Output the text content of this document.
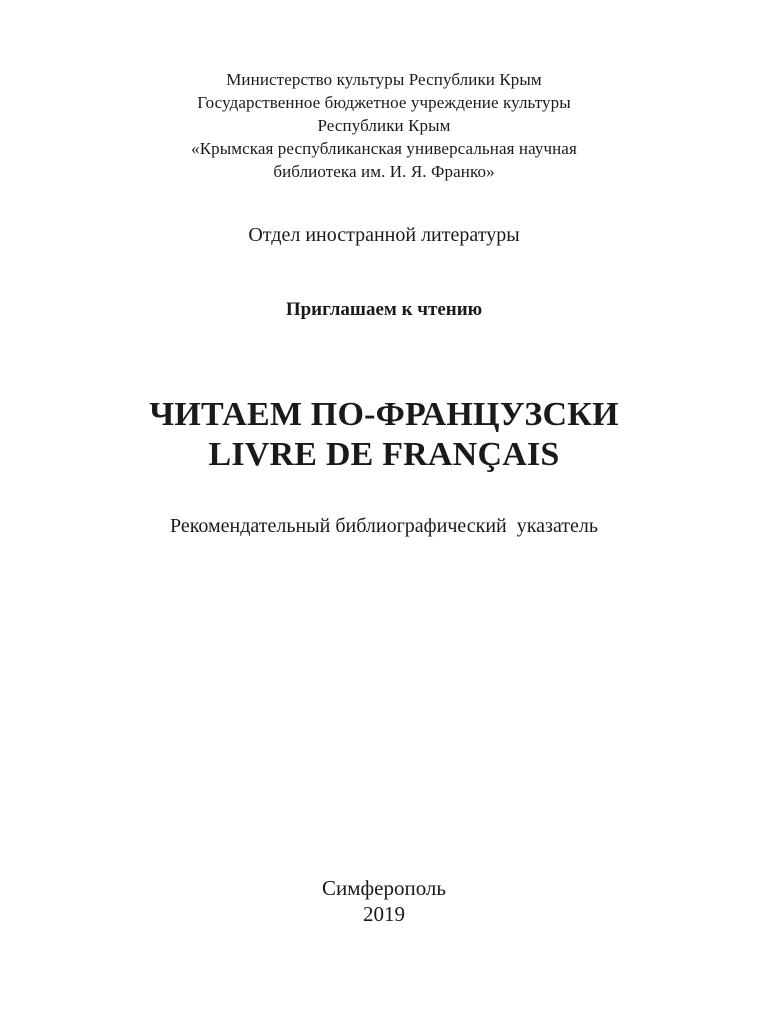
Министерство культуры Республики Крым
Государственное бюджетное учреждение культуры
Республики Крым
«Крымская республиканская универсальная научная
библиотека им. И. Я. Франко»
Отдел иностранной литературы
Приглашаем к чтению
ЧИТАЕМ ПО-ФРАНЦУЗСКИ
LIVRE DE FRANÇAIS
Рекомендательный библиографический  указатель
Симферополь
2019
